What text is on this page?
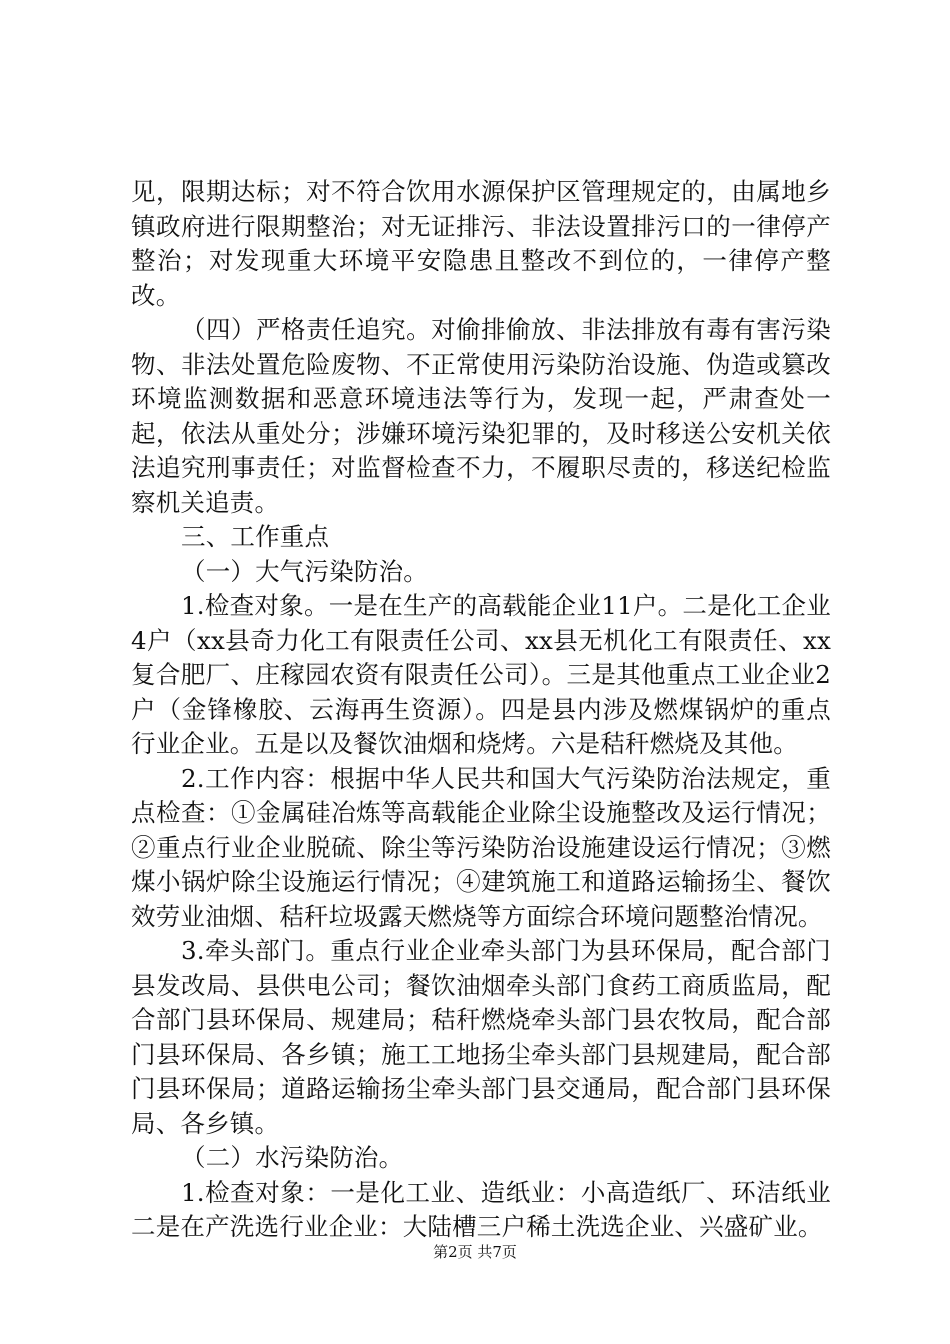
见，限期达标；对不符合饮用水源保护区管理规定的，由属地乡镇政府进行限期整治；对无证排污、非法设置排污口的一律停产整治；对发现重大环境平安隐患且整改不到位的，一律停产整改。

（四）严格责任追究。对偷排偷放、非法排放有毒有害污染物、非法处置危险废物、不正常使用污染防治设施、伪造或篡改环境监测数据和恶意环境违法等行为，发现一起，严肃查处一起，依法从重处分；涉嫌环境污染犯罪的，及时移送公安机关依法追究刑事责任；对监督检查不力，不履职尽责的，移送纪检监察机关追责。

三、工作重点

（一）大气污染防治。

1.检查对象。一是在生产的高载能企业11户。二是化工企业4户（xx县奇力化工有限责任公司、xx县无机化工有限责任、xx复合肥厂、庄稼园农资有限责任公司）。三是其他重点工业企业2户（金锋橡胶、云海再生资源）。四是县内涉及燃煤锅炉的重点行业企业。五是以及餐饮油烟和烧烤。六是秸秆燃烧及其他。

2.工作内容：根据中华人民共和国大气污染防治法规定，重点检查：①金属硅冶炼等高载能企业除尘设施整改及运行情况；②重点行业企业脱硫、除尘等污染防治设施建设运行情况；③燃煤小锅炉除尘设施运行情况；④建筑施工和道路运输扬尘、餐饮效劳业油烟、秸秆垃圾露天燃烧等方面综合环境问题整治情况。

3.牵头部门。重点行业企业牵头部门为县环保局，配合部门县发改局、县供电公司；餐饮油烟牵头部门食药工商质监局，配合部门县环保局、规建局；秸秆燃烧牵头部门县农牧局，配合部门县环保局、各乡镇；施工工地扬尘牵头部门县规建局，配合部门县环保局；道路运输扬尘牵头部门县交通局，配合部门县环保局、各乡镇。

（二）水污染防治。

1.检查对象：一是化工业、造纸业：小高造纸厂、环洁纸业二是在产洗选行业企业：大陆槽三户稀土洗选企业、兴盛矿业。

第2页 共7页
